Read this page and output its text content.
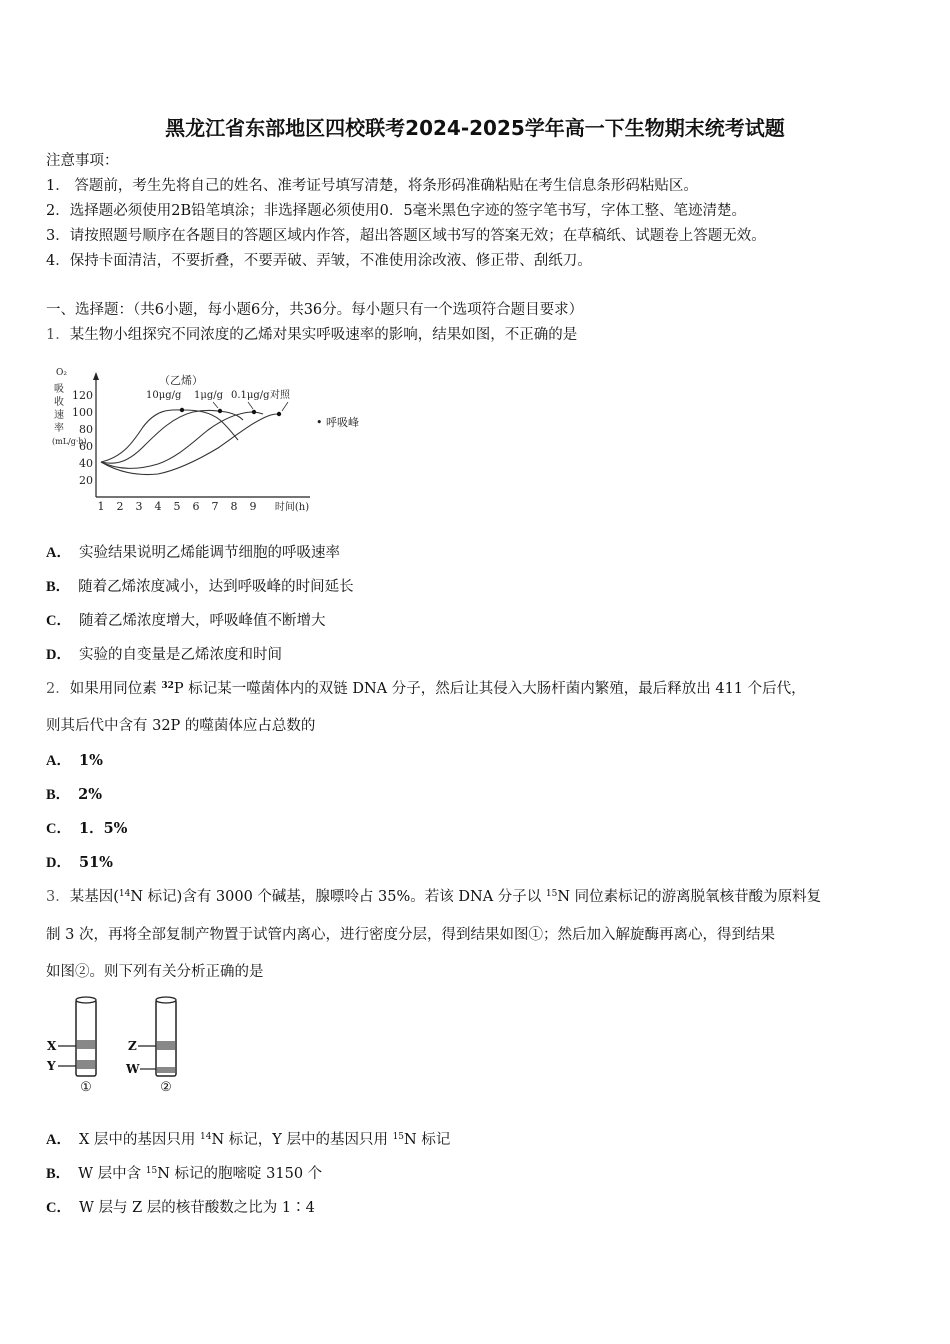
黑龙江省东部地区四校联考2024-2025学年高一下生物期末统考试题
注意事项：
1． 答题前，考生先将自己的姓名、准考证号填写清楚，将条形码准确粘贴在考生信息条形码粘贴区。
2．选择题必须使用2B铅笔填涂；非选择题必须使用0．5毫米黑色字迹的签字笔书写，字体工整、笔迹清楚。
3．请按照题号顺序在各题目的答题区域内作答，超出答题区域书写的答案无效；在草稿纸、试题卷上答题无效。
4．保持卡面清洁，不要折叠，不要弄破、弄皱，不准使用涂改液、修正带、刮纸刀。
一、选择题：（共6小题，每小题6分，共36分。每小题只有一个选项符合题目要求）
1．某生物小组探究不同浓度的乙烯对果实呼吸速率的影响，结果如图，不正确的是
20
40
60
80
100
120
O₂
吸
收
速
率
(mL/g·h)
1 2 3 4 5 6 7 8 9 时间(h)
（乙烯）
10μg/g 1μg/g 0.1μg/g 对照
• 呼吸峰
A． 实验结果说明乙烯能调节细胞的呼吸速率
B． 随着乙烯浓度减小，达到呼吸峰的时间延长
C． 随着乙烯浓度增大，呼吸峰值不断增大
D． 实验的自变量是乙烯浓度和时间
2．如果用同位素 $^{32}$P 标记某一噬菌体内的双链 DNA 分子，然后让其侵入大肠杆菌内繁殖，最后释放出 411 个后代，
则其后代中含有 32P 的噬菌体应占总数的
A． 1%
B． 2%
C． 1．5%
D． 51%
3．某基因($^{14}$N 标记)含有 3000 个碱基，腺嘌呤占 35%。若该 DNA 分子以 $^{15}$N 同位素标记的游离脱氧核苷酸为原料复
制 3 次，再将全部复制产物置于试管内离心，进行密度分层，得到结果如图①；然后加入解旋酶再离心，得到结果
如图②。则下列有关分析正确的是
X
Y
①
Z
W
②
A． X 层中的基因只用 $^{14}$N 标记，Y 层中的基因只用 $^{15}$N 标记
B． W 层中含 $^{15}$N 标记的胞嘧啶 3150 个
C． W 层与 Z 层的核苷酸数之比为 1∶4
